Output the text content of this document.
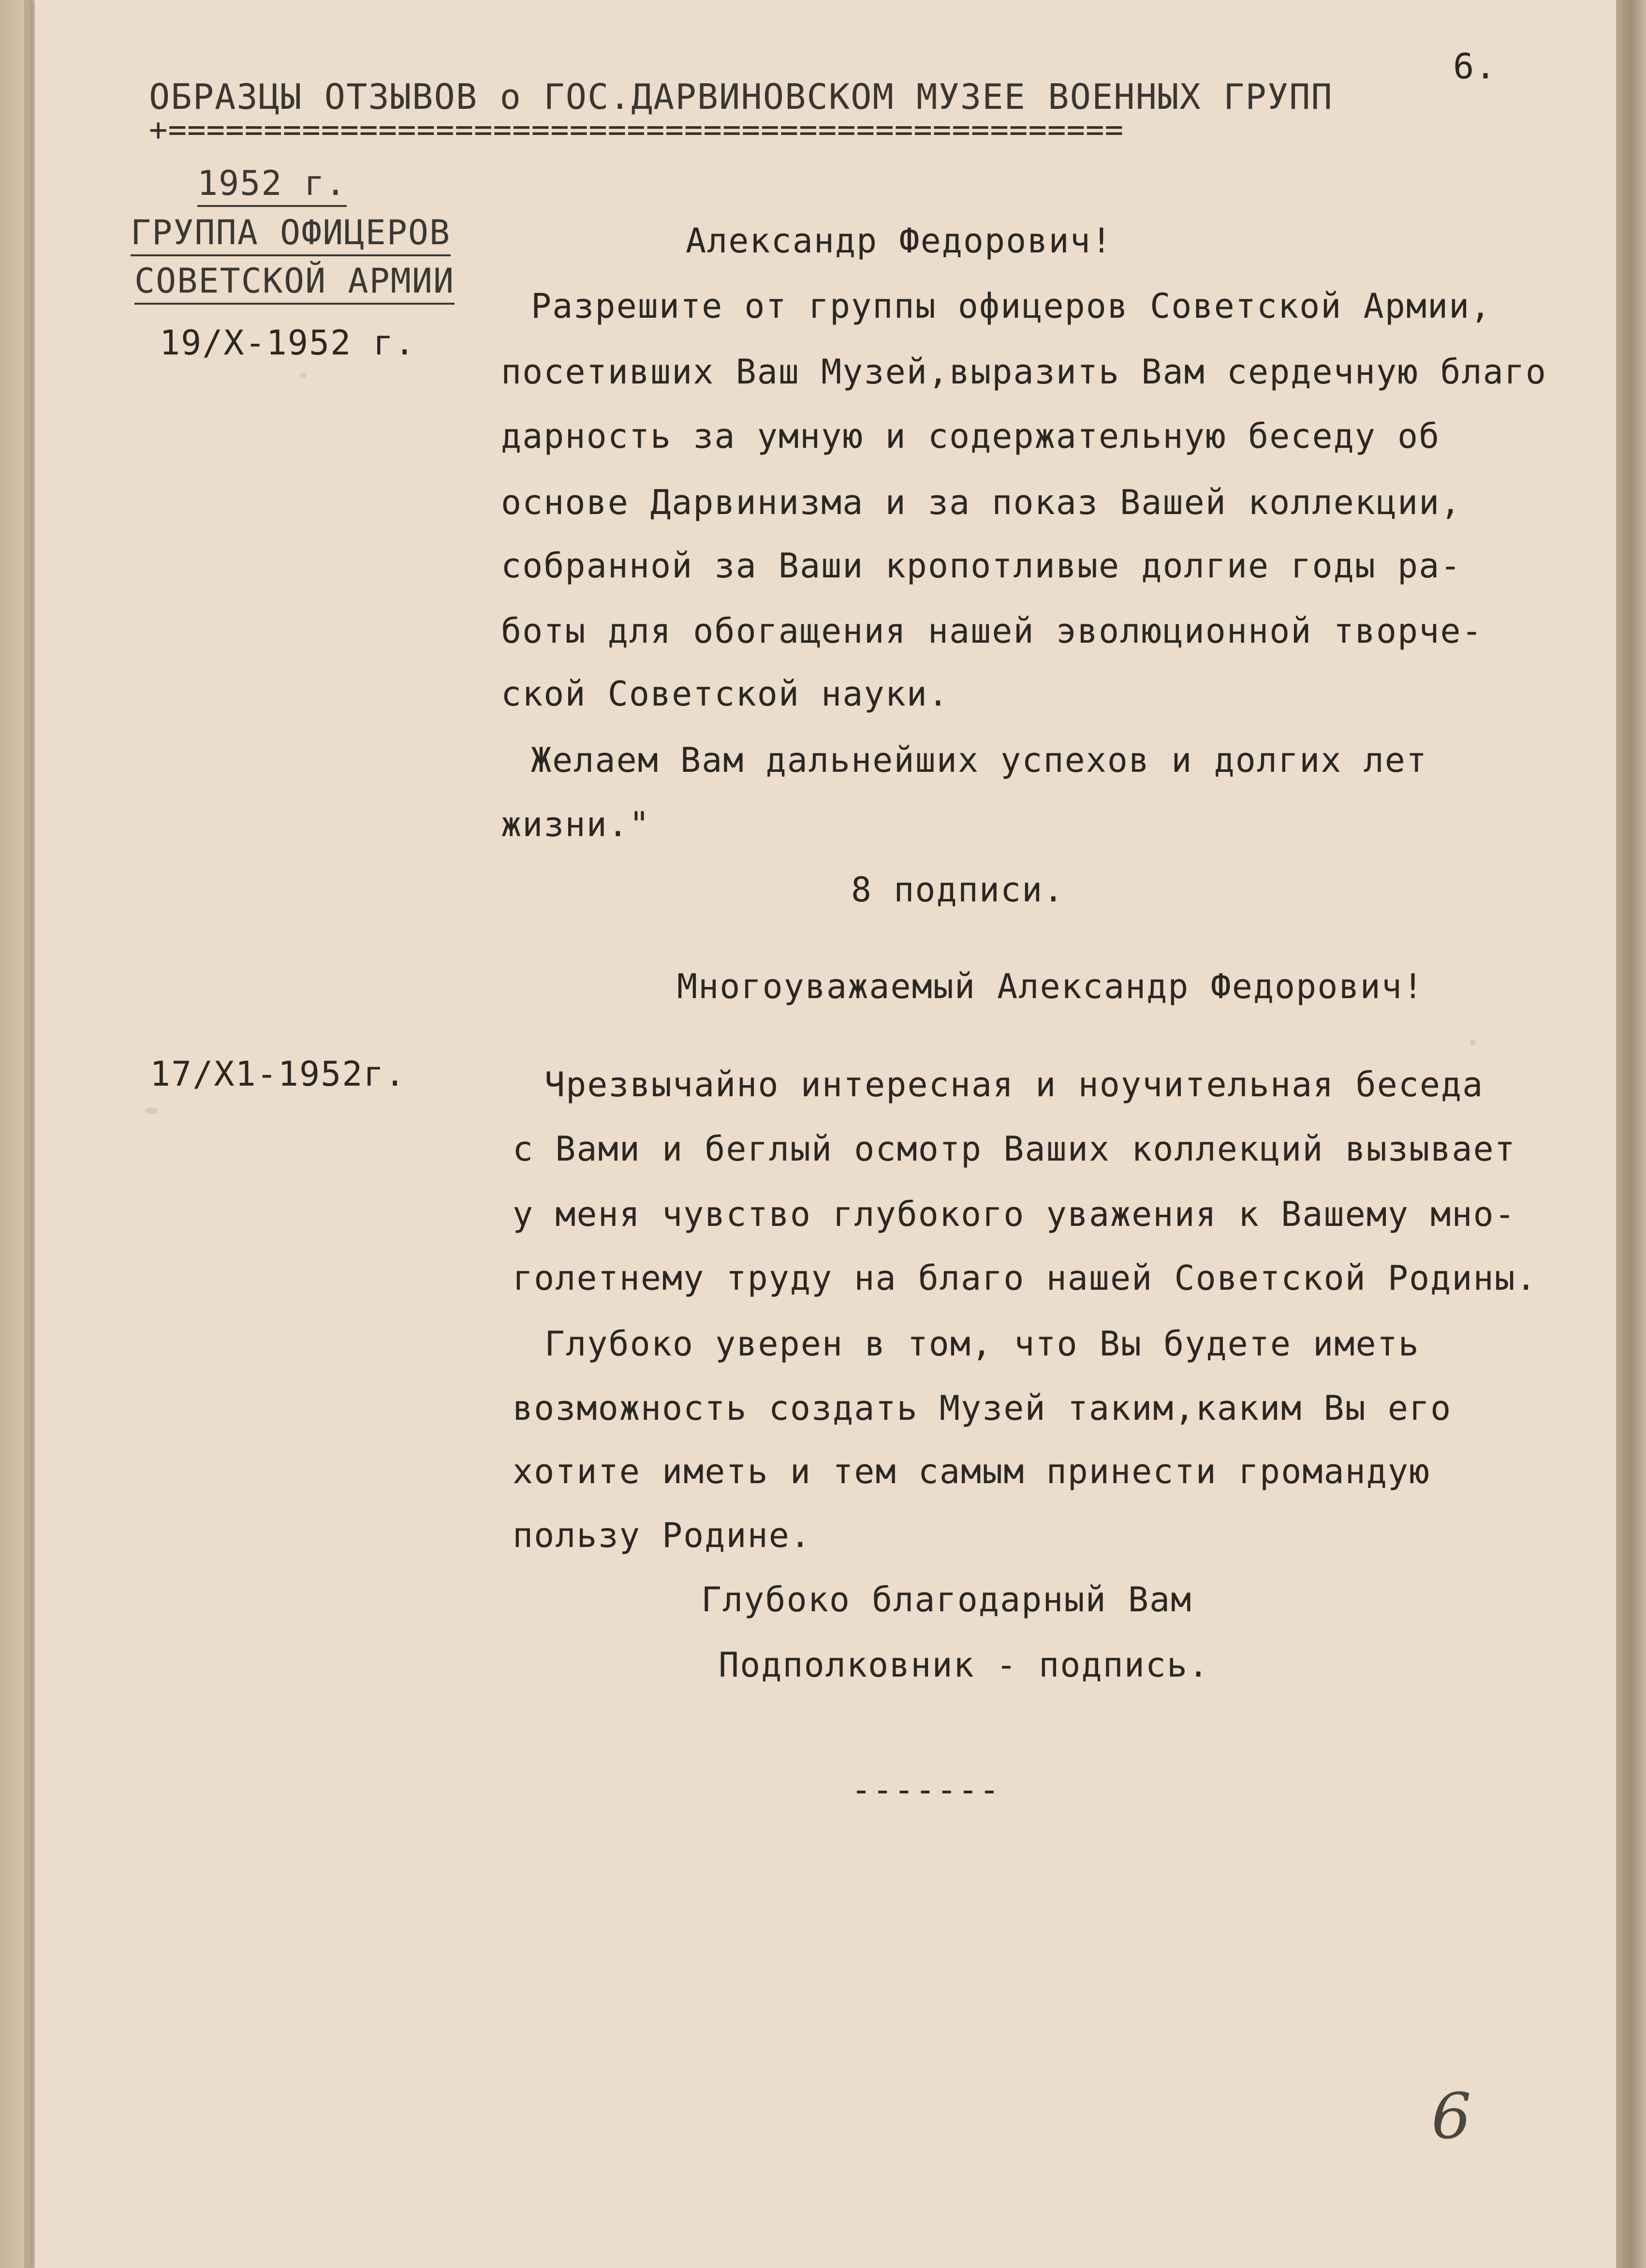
6.
ОБРАЗЦЫ ОТЗЫВОВ о ГОС.ДАРВИНОВСКОМ МУЗЕЕ ВОЕННЫХ ГРУПП
+==================================================
1952 г.
ГРУППА ОФИЦЕРОВ
СОВЕТСКОЙ АРМИИ
19/X-1952 г.
17/X1-1952г.
Александр Федорович!
Разрешите от группы офицеров Советской Армии,
посетивших Ваш Музей,выразить Вам сердечную благо
дарность за умную и содержательную беседу об
основе Дарвинизма и за показ Вашей коллекции,
собранной за Ваши кропотливые долгие годы ра-
боты для обогащения нашей эволюционной творче-
ской Советской науки.
Желаем Вам дальнейших успехов и долгих лет
жизни."
8 подписи.
Многоуважаемый Александр Федорович!
Чрезвычайно интересная и ноучительная беседа
с Вами и беглый осмотр Ваших коллекций вызывает
у меня чувство глубокого уважения к Вашему мно-
голетнему труду на благо нашей Советской Родины.
Глубоко уверен в том, что Вы будете иметь
возможность создать Музей таким,каким Вы его
хотите иметь и тем самым принести громандую
пользу Родине.
Глубоко благодарный Вам
Подполковник - подпись.
-------
6
